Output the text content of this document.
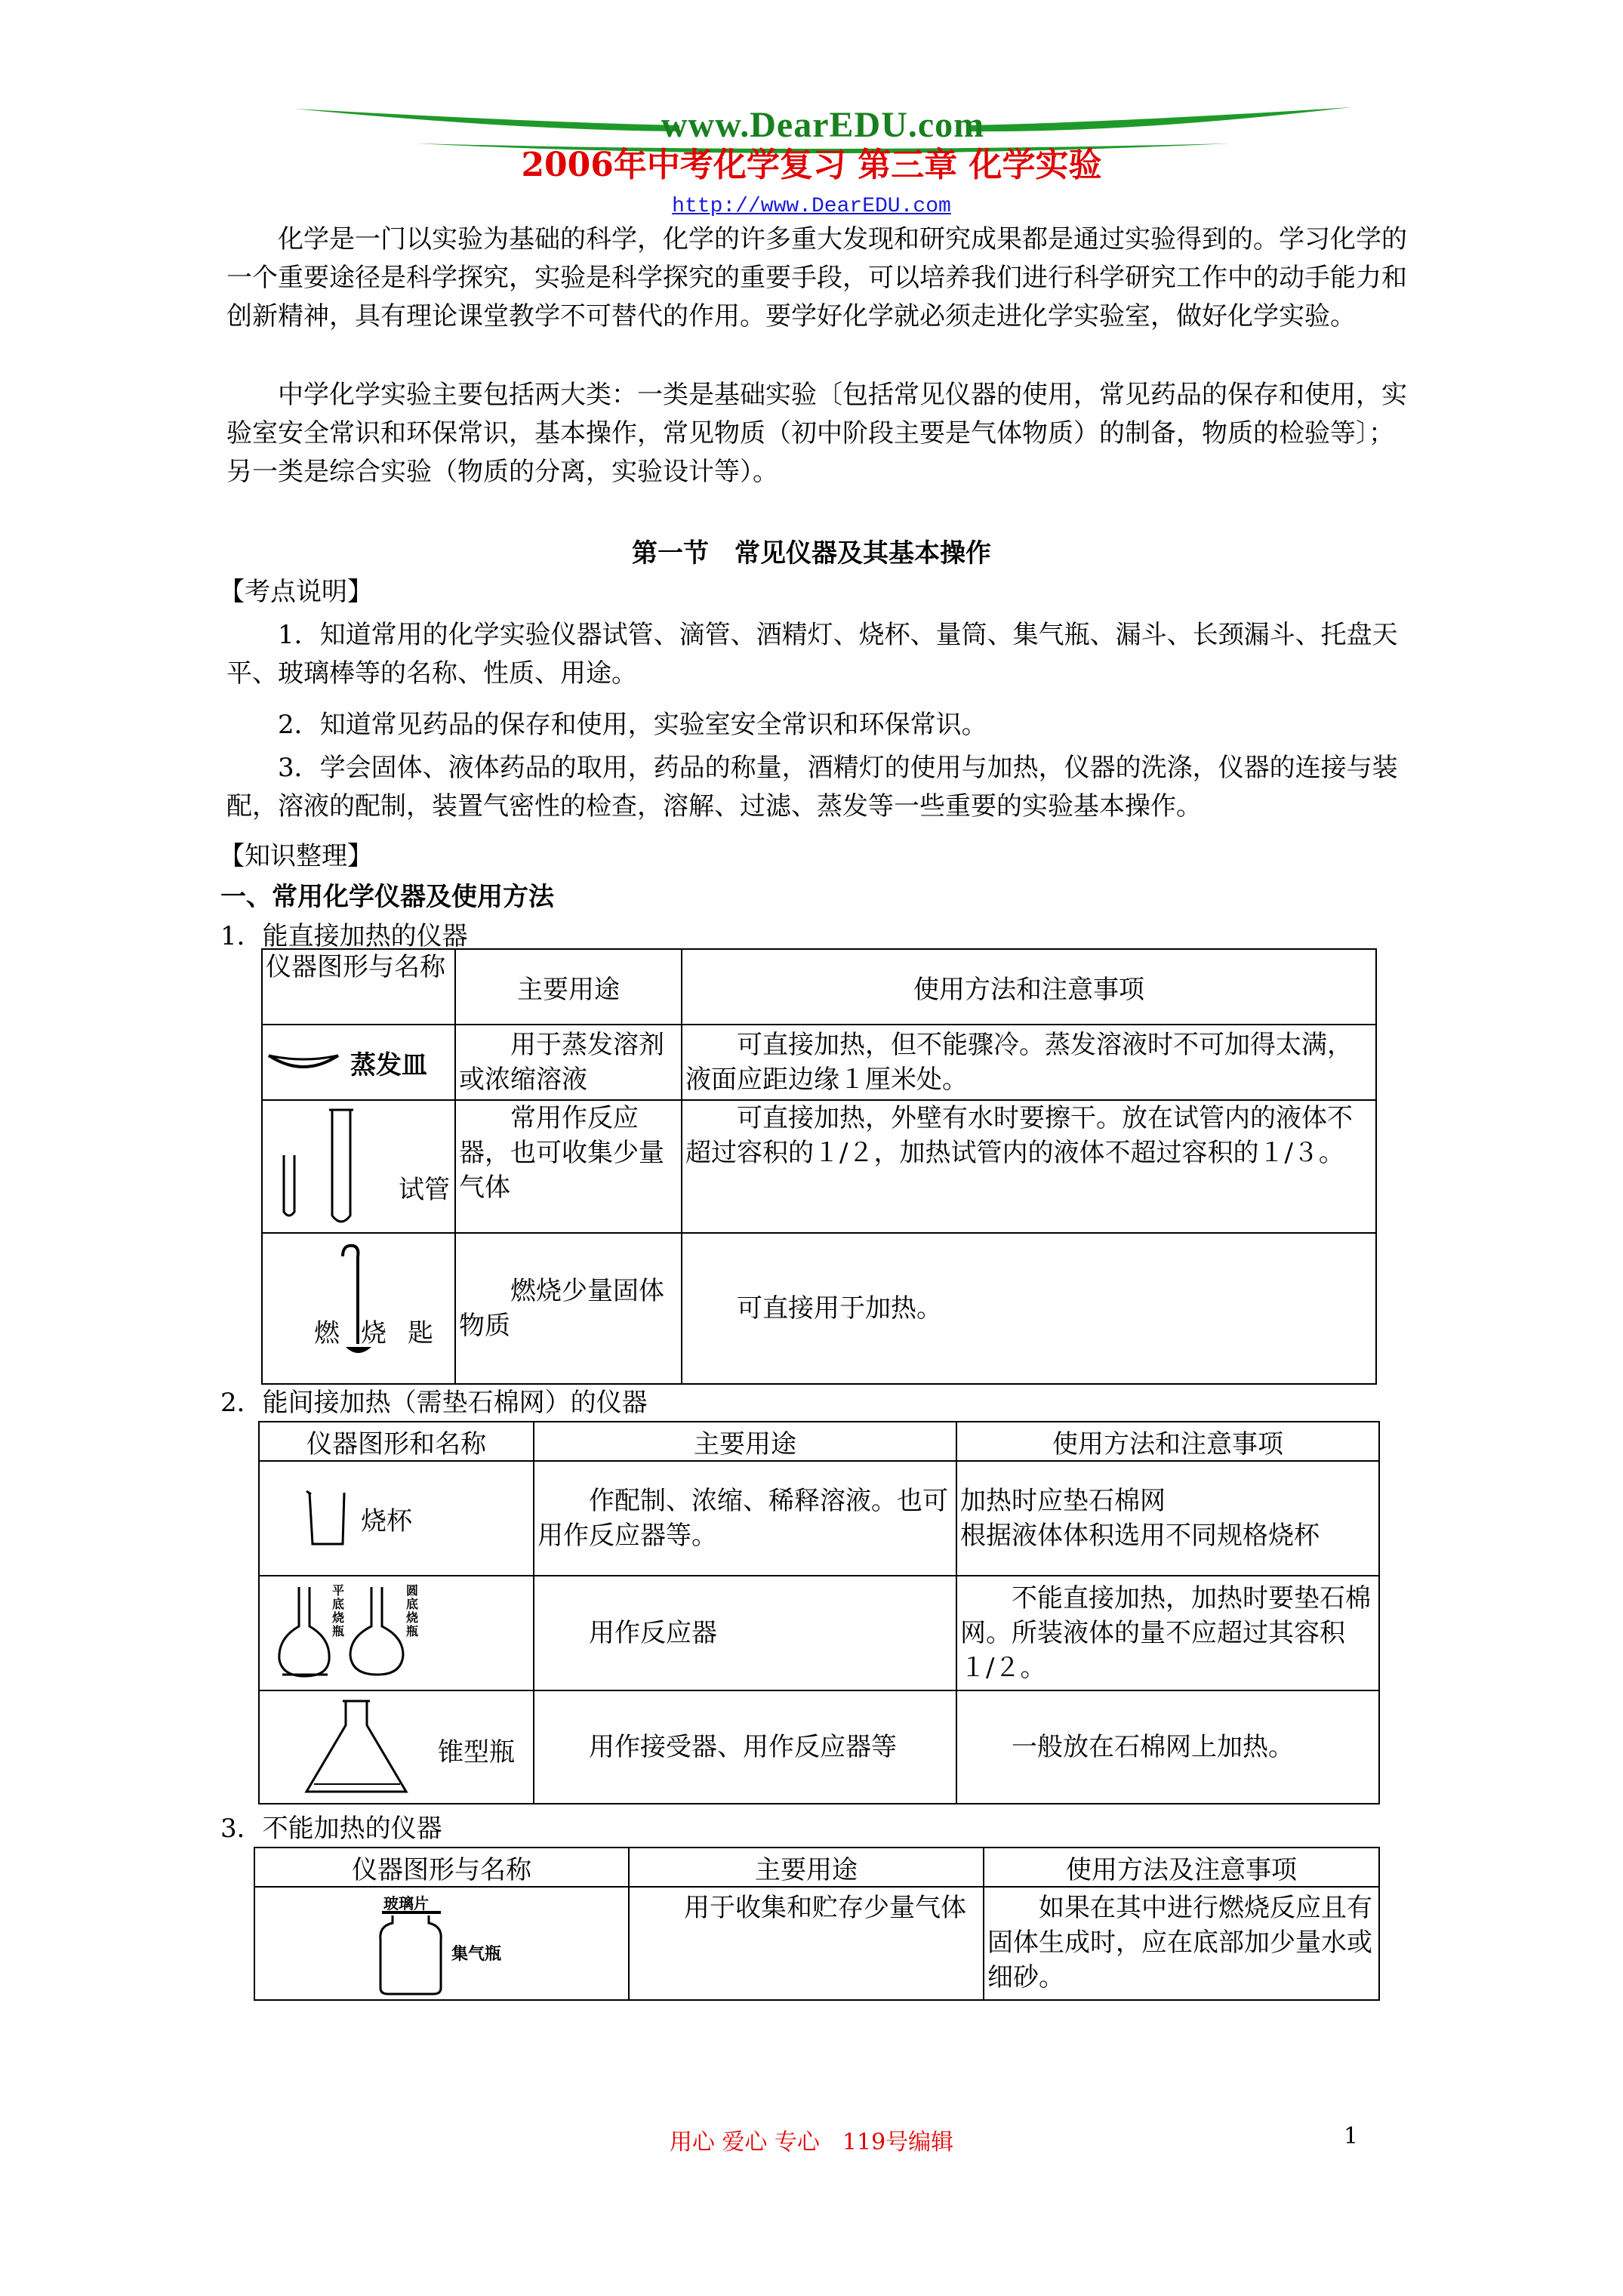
www.DearEDU.com
2006年中考化学复习 第三章 化学实验
http://www.DearEDU.com
化学是一门以实验为基础的科学，化学的许多重大发现和研究成果都是通过实验得到的。学习化学的一个重要途径是科学探究，实验是科学探究的重要手段，可以培养我们进行科学研究工作中的动手能力和创新精神，具有理论课堂教学不可替代的作用。要学好化学就必须走进化学实验室，做好化学实验。
中学化学实验主要包括两大类：一类是基础实验〔包括常见仪器的使用，常见药品的保存和使用，实验室安全常识和环保常识，基本操作，常见物质（初中阶段主要是气体物质）的制备，物质的检验等〕；另一类是综合实验（物质的分离，实验设计等）。
第一节　常见仪器及其基本操作
【考点说明】
1．知道常用的化学实验仪器试管、滴管、酒精灯、烧杯、量筒、集气瓶、漏斗、长颈漏斗、托盘天平、玻璃棒等的名称、性质、用途。
2．知道常见药品的保存和使用，实验室安全常识和环保常识。
3．学会固体、液体药品的取用，药品的称量，酒精灯的使用与加热，仪器的洗涤，仪器的连接与装配，溶液的配制，装置气密性的检查，溶解、过滤、蒸发等一些重要的实验基本操作。
【知识整理】
一、常用化学仪器及使用方法
1．能直接加热的仪器
仪器图形与名称	主要用途	使用方法和注意事项

蒸发皿	用于蒸发溶剂或浓缩溶液	可直接加热，但不能骤冷。蒸发溶液时不可加得太满，液面应距边缘１厘米处。

试管	常用作反应器，也可收集少量气体	可直接加热，外壁有水时要擦干。放在试管内的液体不超过容积的１/２，加热试管内的液体不超过容积的１/３。

燃烧匙	燃烧少量固体物质	可直接用于加热。
2．能间接加热（需垫石棉网）的仪器
仪器图形和名称	主要用途	使用方法和注意事项

烧杯	作配制、浓缩、稀释溶液。也可用作反应器等。	加热时应垫石棉网
根据液体体积选用不同规格烧杯

平底烧瓶
圆底烧瓶	用作反应器	不能直接加热，加热时要垫石棉网。所装液体的量不应超过其容积１/２。

锥型瓶	用作接受器、用作反应器等	一般放在石棉网上加热。
3．不能加热的仪器
仪器图形与名称	主要用途	使用方法及注意事项

玻璃片
集气瓶	用于收集和贮存少量气体	如果在其中进行燃烧反应且有固体生成时，应在底部加少量水或细砂。
用心 爱心 专心　119号编辑	1
